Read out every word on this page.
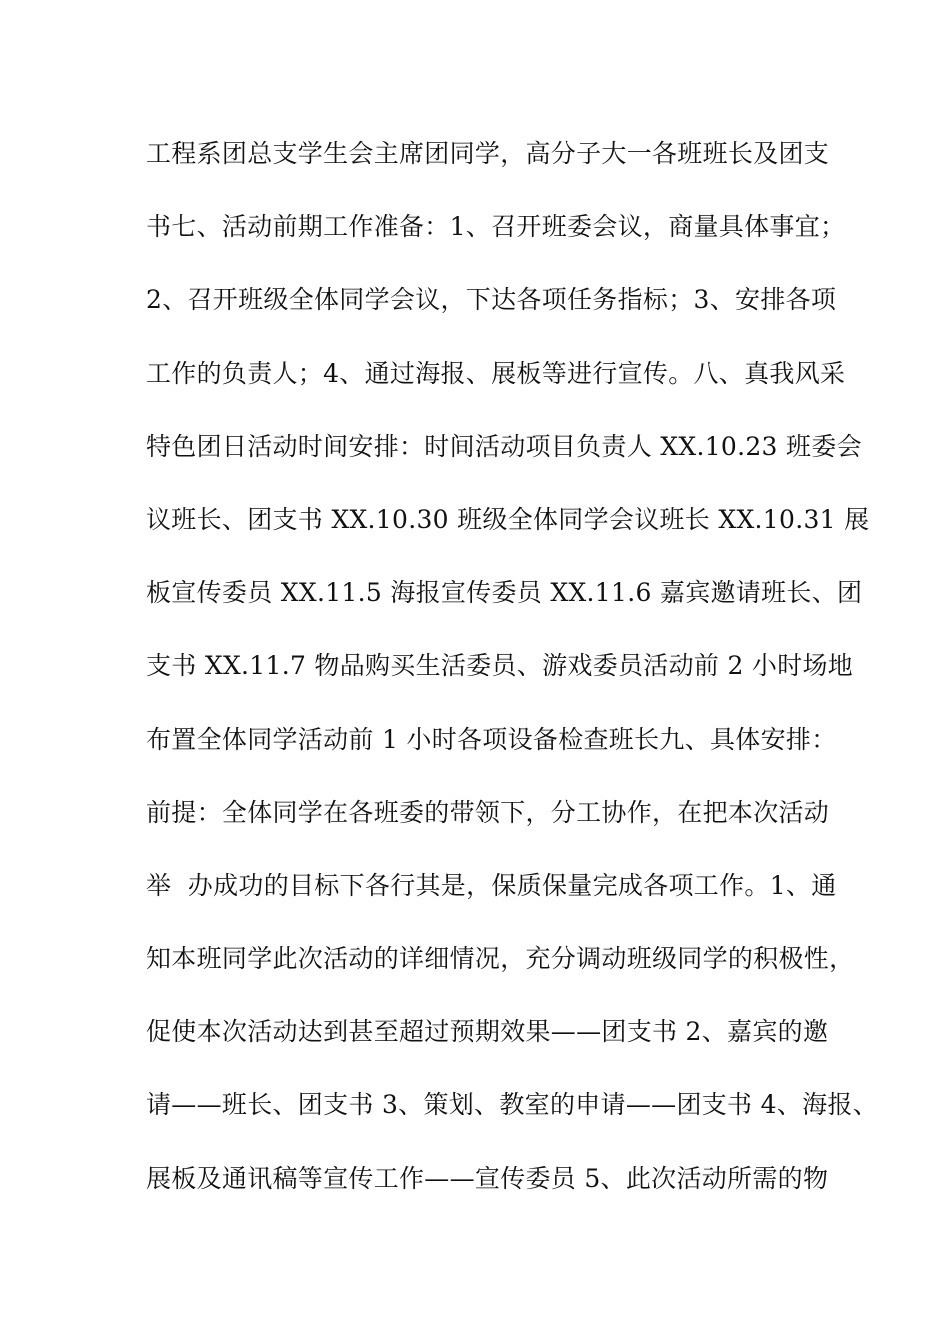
工程系团总支学生会主席团同学，高分子大一各班班长及团支
书七、活动前期工作准备：1、召开班委会议，商量具体事宜；
2、召开班级全体同学会议，下达各项任务指标；3、安排各项
工作的负责人；4、通过海报、展板等进行宣传。八、真我风采
特色团日活动时间安排：时间活动项目负责人 XX.10.23 班委会
议班长、团支书 XX.10.30 班级全体同学会议班长 XX.10.31 展
板宣传委员 XX.11.5 海报宣传委员 XX.11.6 嘉宾邀请班长、团
支书 XX.11.7 物品购买生活委员、游戏委员活动前 2 小时场地
布置全体同学活动前 1 小时各项设备检查班长九、具体安排：
前提：全体同学在各班委的带领下，分工协作，在把本次活动
举  办成功的目标下各行其是，保质保量完成各项工作。1、通
知本班同学此次活动的详细情况，充分调动班级同学的积极性，
促使本次活动达到甚至超过预期效果——团支书 2、嘉宾的邀
请——班长、团支书 3、策划、教室的申请——团支书 4、海报、
展板及通讯稿等宣传工作——宣传委员 5、此次活动所需的物
